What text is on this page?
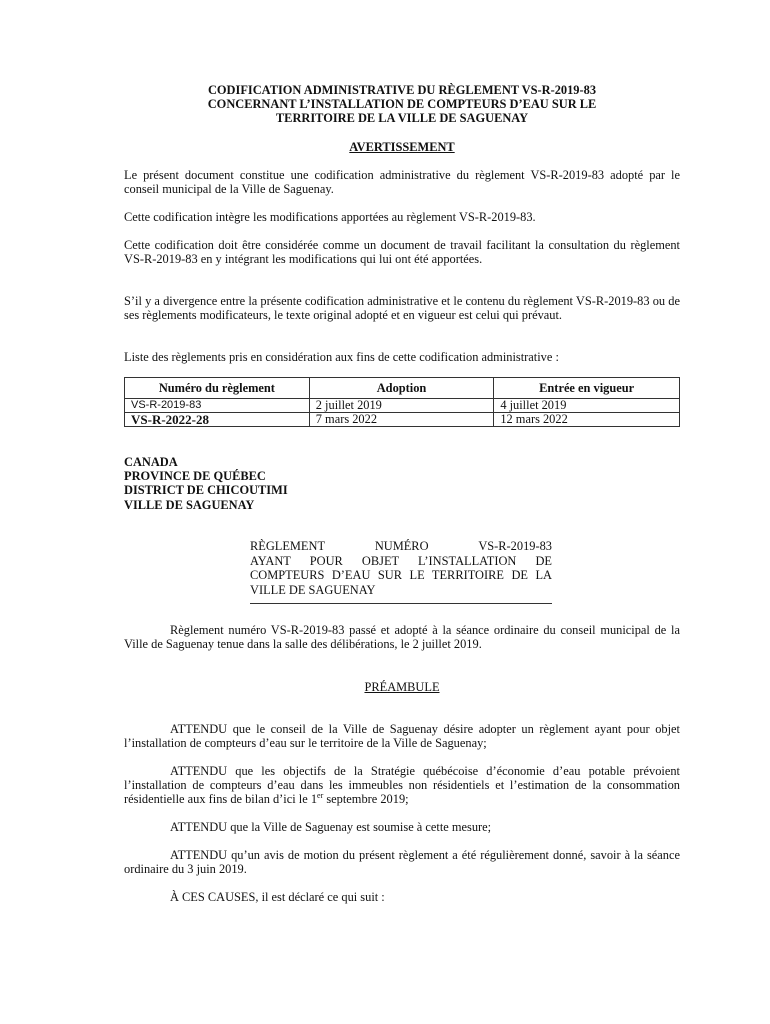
CODIFICATION ADMINISTRATIVE DU RÈGLEMENT VS-R-2019-83
CONCERNANT L’INSTALLATION DE COMPTEURS D’EAU SUR LE
TERRITOIRE DE LA VILLE DE SAGUENAY
AVERTISSEMENT
Le présent document constitue une codification administrative du règlement VS-R-2019-83 adopté par le conseil municipal de la Ville de Saguenay.
Cette codification intègre les modifications apportées au règlement VS-R-2019-83.
Cette codification doit être considérée comme un document de travail facilitant la consultation du règlement VS-R-2019-83 en y intégrant les modifications qui lui ont été apportées.
S’il y a divergence entre la présente codification administrative et le contenu du règlement VS-R-2019-83 ou de ses règlements modificateurs, le texte original adopté et en vigueur est celui qui prévaut.
Liste des règlements pris en considération aux fins de cette codification administrative :
Numéro du règlement	Adoption	Entrée en vigueur
VS-R-2019-83	2 juillet 2019	4 juillet 2019
VS-R-2022-28	7 mars 2022	12 mars 2022
CANADA
PROVINCE DE QUÉBEC
DISTRICT DE CHICOUTIMI
VILLE DE SAGUENAY
RÈGLEMENT	NUMÉRO	VS-R-2019-83
AYANT POUR OBJET L’INSTALLATION DE COMPTEURS D’EAU SUR LE TERRITOIRE DE LA VILLE DE SAGUENAY
Règlement numéro VS-R-2019-83 passé et adopté à la séance ordinaire du conseil municipal de la Ville de Saguenay tenue dans la salle des délibérations, le 2 juillet 2019.
PRÉAMBULE
ATTENDU que le conseil de la Ville de Saguenay désire adopter un règlement ayant pour objet l’installation de compteurs d’eau sur le territoire de la Ville de Saguenay;
ATTENDU que les objectifs de la Stratégie québécoise d’économie d’eau potable prévoient l’installation de compteurs d’eau dans les immeubles non résidentiels et l’estimation de la consommation résidentielle aux fins de bilan d’ici le 1er septembre 2019;
ATTENDU que la Ville de Saguenay est soumise à cette mesure;
ATTENDU qu’un avis de motion du présent règlement a été régulièrement donné, savoir à la séance ordinaire du 3 juin 2019.
À CES CAUSES, il est déclaré ce qui suit :
